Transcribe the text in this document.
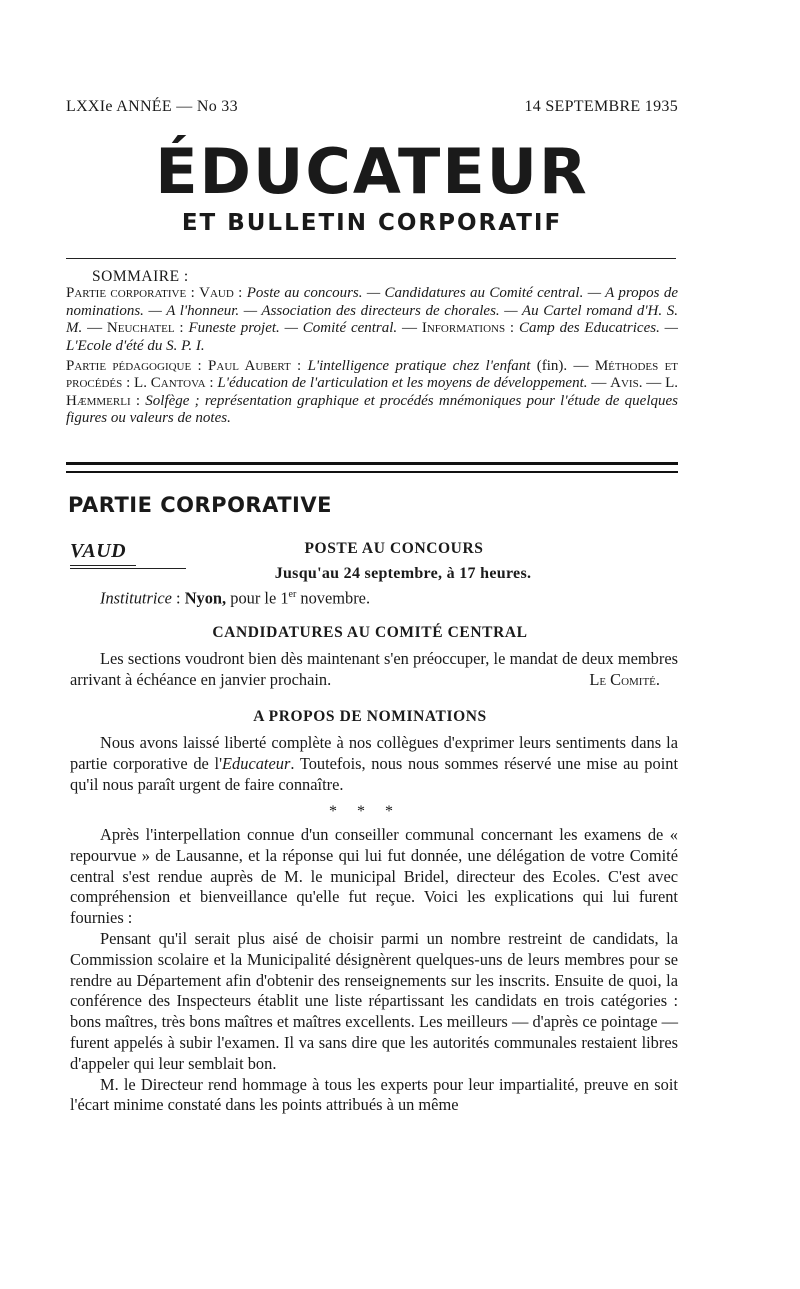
LXXIe ANNÉE — No 33	14 SEPTEMBRE 1935
ÉDUCATEUR
ET BULLETIN CORPORATIF

SOMMAIRE :

Partie corporative : Vaud : Poste au concours. — Candidatures au Comité central. — A propos de nominations. — A l'honneur. — Association des directeurs de chorales. — Au Cartel romand d'H. S. M. — Neuchatel : Funeste projet. — Comité central. — Informations : Camp des Educatrices. — L'Ecole d'été du S. P. I.

Partie pédagogique : Paul Aubert : L'intelligence pratique chez l'enfant (fin). — Méthodes et procédés : L. Cantova : L'éducation de l'articulation et les moyens de développement. — Avis. — L. Hæmmerli : Solfège ; représentation graphique et procédés mnémoniques pour l'étude de quelques figures ou valeurs de notes.

PARTIE CORPORATIVE
VAUD	POSTE AU CONCOURS
Jusqu'au 24 septembre, à 17 heures.

Institutrice : Nyon, pour le 1er novembre.

CANDIDATURES AU COMITÉ CENTRAL

Les sections voudront bien dès maintenant s'en préoccuper, le mandat de deux membres arrivant à échéance en janvier prochain.	Le Comité.

A PROPOS DE NOMINATIONS

Nous avons laissé liberté complète à nos collègues d'exprimer leurs sentiments dans la partie corporative de l'Educateur. Toutefois, nous nous sommes réservé une mise au point qu'il nous paraît urgent de faire connaître.

* * *

Après l'interpellation connue d'un conseiller communal concernant les examens de « repourvue » de Lausanne, et la réponse qui lui fut donnée, une délégation de votre Comité central s'est rendue auprès de M. le municipal Bridel, directeur des Ecoles. C'est avec compréhension et bienveillance qu'elle fut reçue. Voici les explications qui lui furent fournies :

Pensant qu'il serait plus aisé de choisir parmi un nombre restreint de candidats, la Commission scolaire et la Municipalité désignèrent quelques-uns de leurs membres pour se rendre au Département afin d'obtenir des renseignements sur les inscrits. Ensuite de quoi, la conférence des Inspecteurs établit une liste répartissant les candidats en trois catégories : bons maîtres, très bons maîtres et maîtres excellents. Les meilleurs — d'après ce pointage — furent appelés à subir l'examen. Il va sans dire que les autorités communales restaient libres d'appeler qui leur semblait bon.

M. le Directeur rend hommage à tous les experts pour leur impartialité, preuve en soit l'écart minime constaté dans les points attribués à un même
